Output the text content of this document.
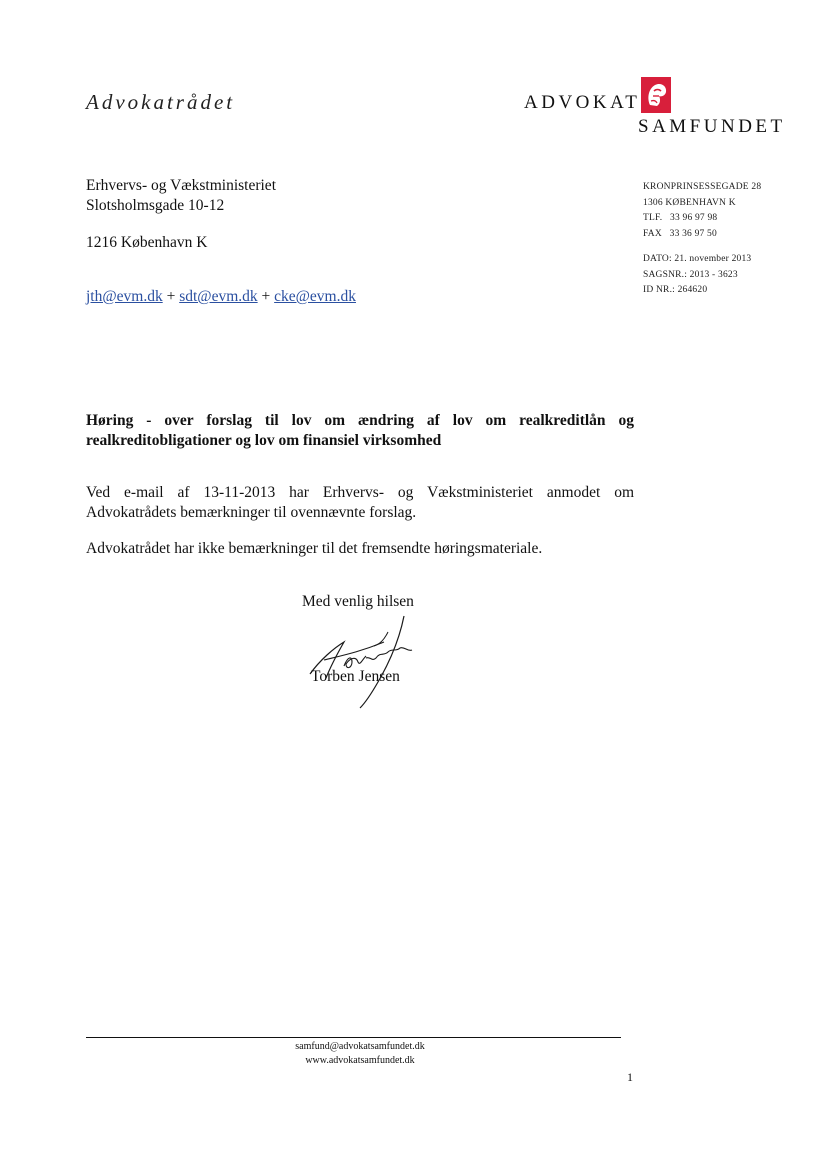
Advokatrådet	ADVOKAT
SAMFUNDET
Erhvervs- og Vækstministeriet
Slotsholmsgade 10-12
1216 København K
jth@evm.dk + sdt@evm.dk + cke@evm.dk
KRONPRINSESSEGADE 28
1306 KØBENHAVN K
TLF.   33 96 97 98
FAX   33 36 97 50
DATO: 21. november 2013
SAGSNR.: 2013 - 3623
ID NR.: 264620
Høring - over forslag til lov om ændring af lov om realkreditlån og realkreditobligationer og lov om finansiel virksomhed
Ved e-mail af 13-11-2013 har Erhvervs- og Vækstministeriet anmodet om Advokatrådets bemærkninger til ovennævnte forslag.
Advokatrådet har ikke bemærkninger til det fremsendte høringsmateriale.
Med venlig hilsen
Torben Jensen
samfund@advokatsamfundet.dk
www.advokatsamfundet.dk
1
